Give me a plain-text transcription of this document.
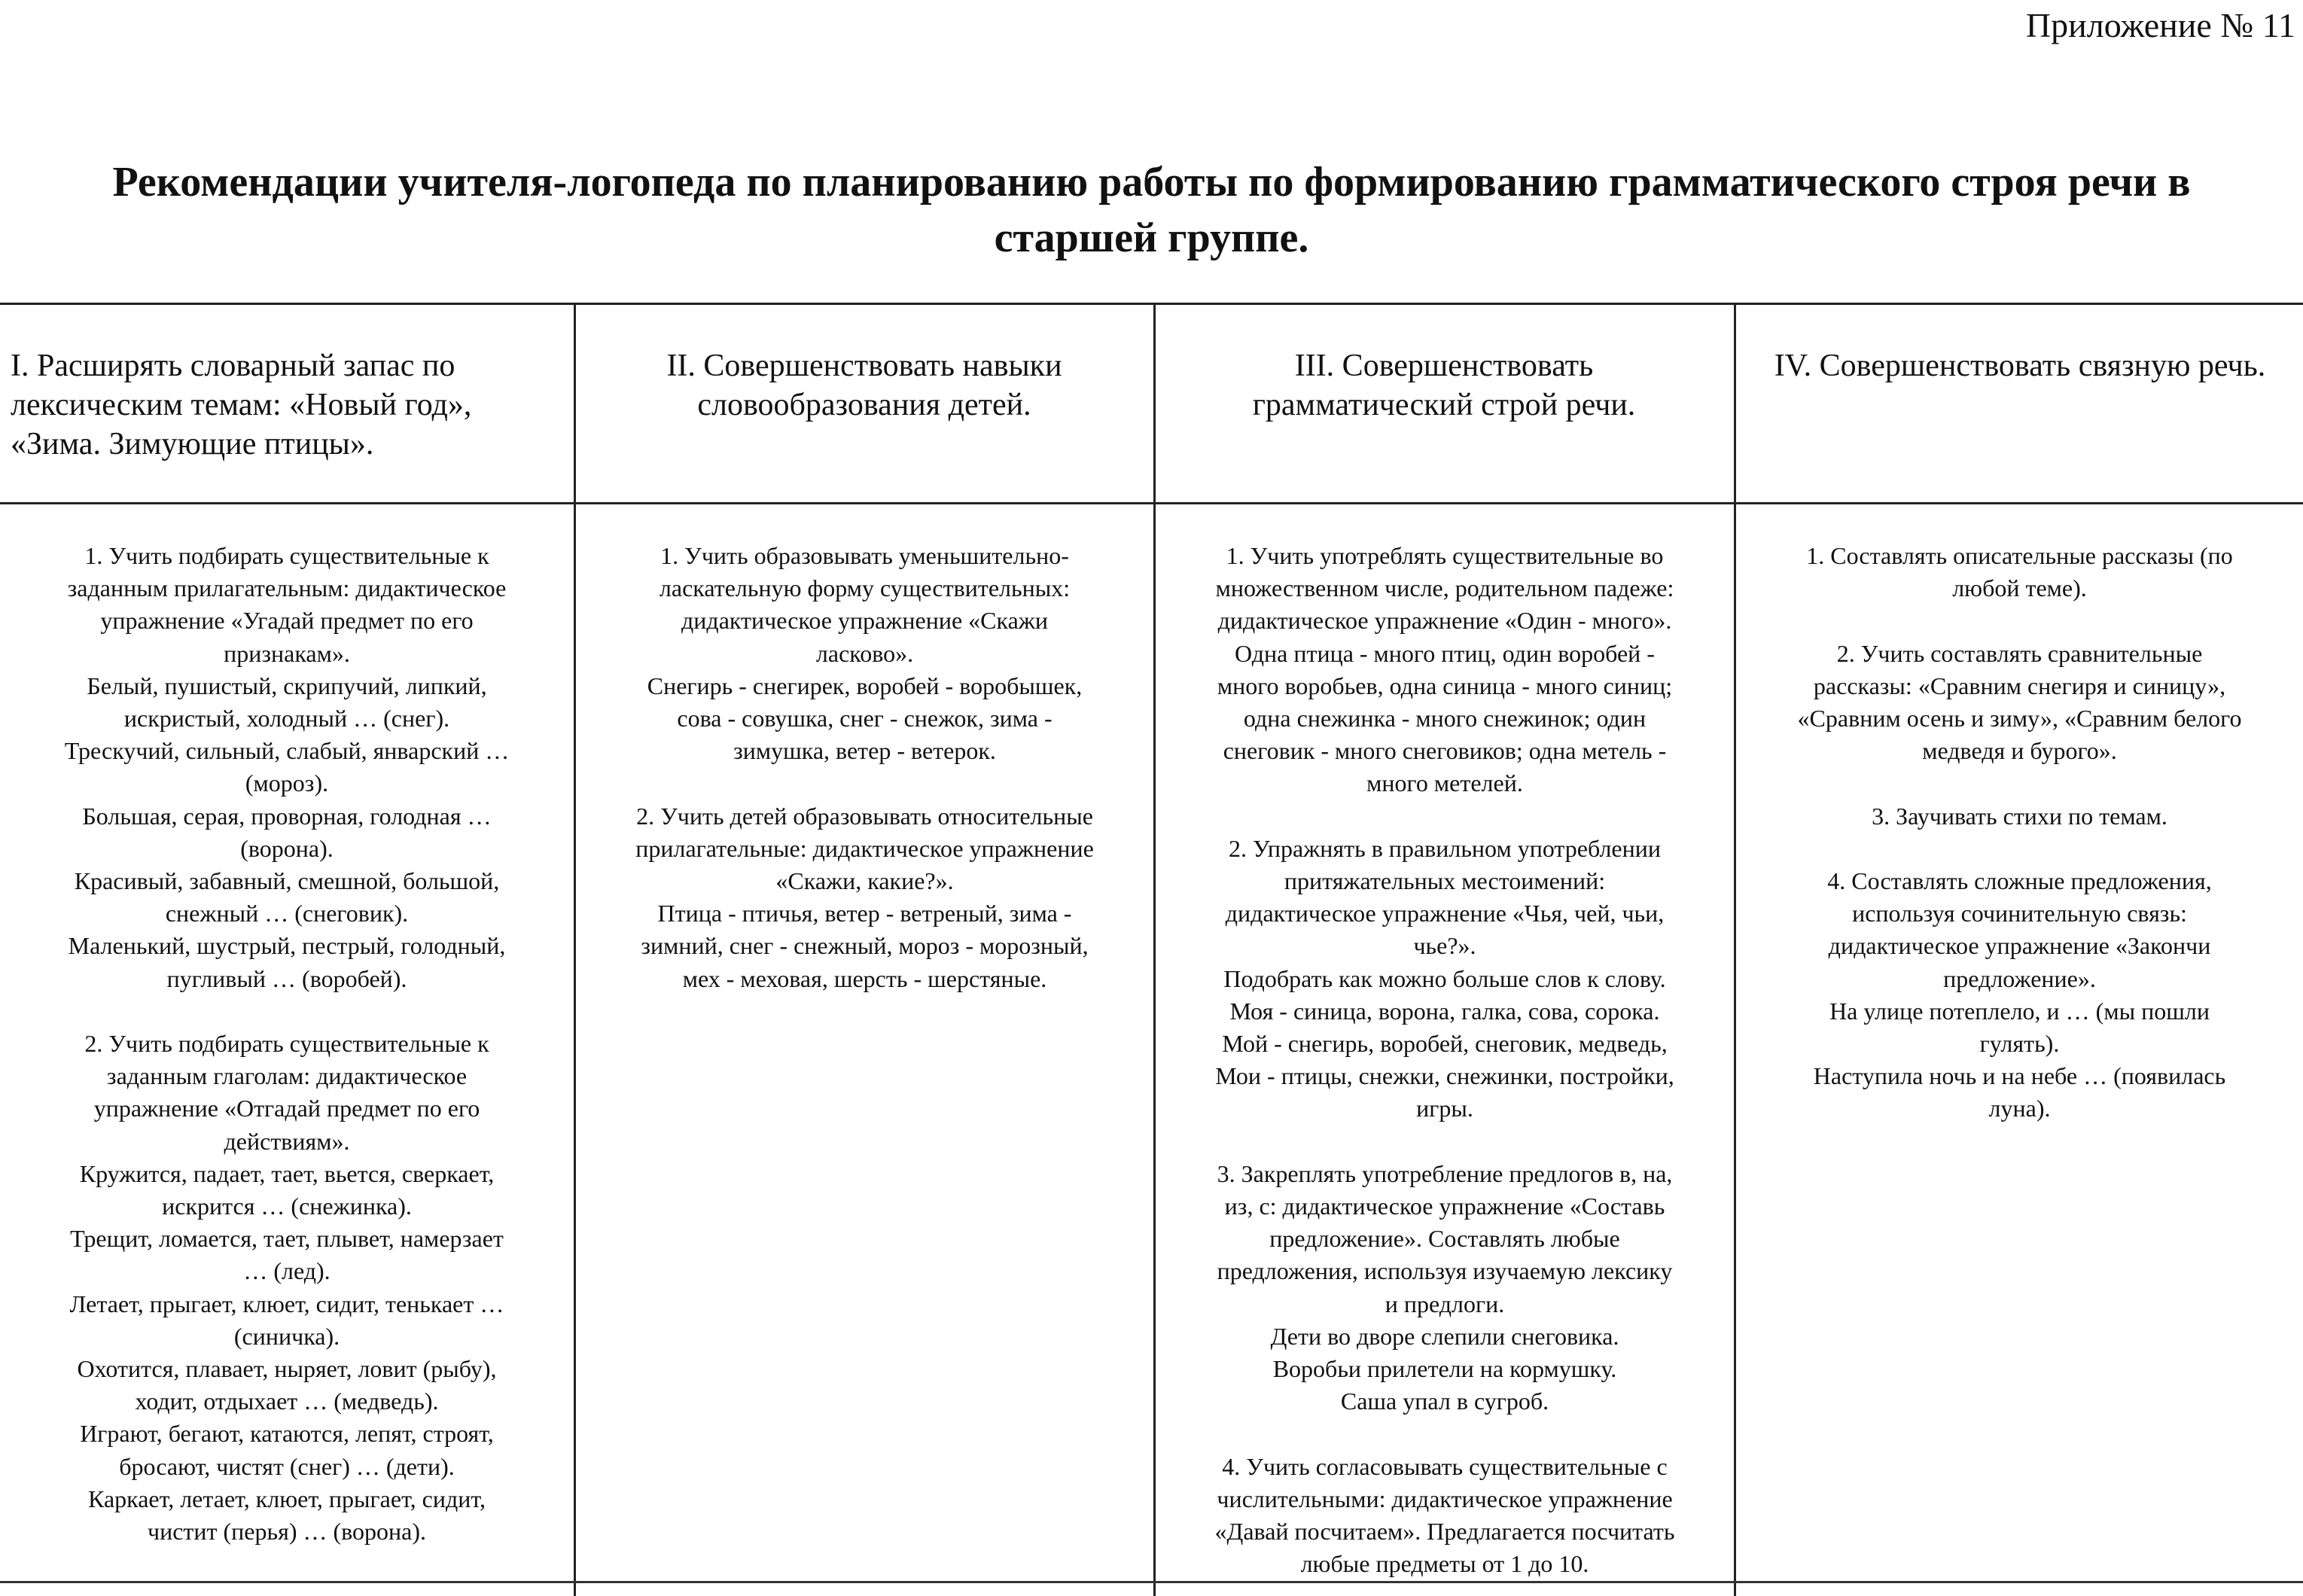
Приложение № 11
Рекомендации учителя-логопеда по планированию работы по формированию грамматического строя речи в
старшей группе.
I. Расширять словарный запас по
лексическим темам: «Новый год»,
«Зима. Зимующие птицы».
II. Совершенствовать навыки
словообразования детей.
III. Совершенствовать
грамматический строй речи.
IV. Совершенствовать связную речь.
1. Учить подбирать существительные к
заданным прилагательным: дидактическое
упражнение «Угадай предмет по его
признакам».
Белый, пушистый, скрипучий, липкий,
искристый, холодный … (снег).
Трескучий, сильный, слабый, январский …
(мороз).
Большая, серая, проворная, голодная …
(ворона).
Красивый, забавный, смешной, большой,
снежный … (снеговик).
Маленький, шустрый, пестрый, голодный,
пугливый … (воробей).
2. Учить подбирать существительные к
заданным глаголам: дидактическое
упражнение «Отгадай предмет по его
действиям».
Кружится, падает, тает, вьется, сверкает,
искрится … (снежинка).
Трещит, ломается, тает, плывет, намерзает
… (лед).
Летает, прыгает, клюет, сидит, тенькает …
(синичка).
Охотится, плавает, ныряет, ловит (рыбу),
ходит, отдыхает … (медведь).
Играют, бегают, катаются, лепят, строят,
бросают, чистят (снег) … (дети).
Каркает, летает, клюет, прыгает, сидит,
чистит (перья) … (ворона).
1. Учить образовывать уменьшительно-
ласкательную форму существительных:
дидактическое упражнение «Скажи
ласково».
Снегирь - снегирек, воробей - воробышек,
сова - совушка, снег - снежок, зима -
зимушка, ветер - ветерок.
2. Учить детей образовывать относительные
прилагательные: дидактическое упражнение
«Скажи, какие?».
Птица - птичья, ветер - ветреный, зима -
зимний, снег - снежный, мороз - морозный,
мех - меховая, шерсть - шерстяные.
1. Учить употреблять существительные во
множественном числе, родительном падеже:
дидактическое упражнение «Один - много».
Одна птица - много птиц, один воробей -
много воробьев, одна синица - много синиц;
одна снежинка - много снежинок; один
снеговик - много снеговиков; одна метель -
много метелей.
2. Упражнять в правильном употреблении
притяжательных местоимений:
дидактическое упражнение «Чья, чей, чьи,
чье?».
Подобрать как можно больше слов к слову.
Моя - синица, ворона, галка, сова, сорока.
Мой - снегирь, воробей, снеговик, медведь,
Мои - птицы, снежки, снежинки, постройки,
игры.
3. Закреплять употребление предлогов в, на,
из, с: дидактическое упражнение «Составь
предложение». Составлять любые
предложения, используя изучаемую лексику
и предлоги.
Дети во дворе слепили снеговика.
Воробьи прилетели на кормушку.
Саша упал в сугроб.
4. Учить согласовывать существительные с
числительными: дидактическое упражнение
«Давай посчитаем». Предлагается посчитать
любые предметы от 1 до 10.
1. Составлять описательные рассказы (по
любой теме).
2. Учить составлять сравнительные
рассказы: «Сравним снегиря и синицу»,
«Сравним осень и зиму», «Сравним белого
медведя и бурого».
3. Заучивать стихи по темам.
4. Составлять сложные предложения,
используя сочинительную связь:
дидактическое упражнение «Закончи
предложение».
На улице потеплело, и … (мы пошли
гулять).
Наступила ночь и на небе … (появилась
луна).
